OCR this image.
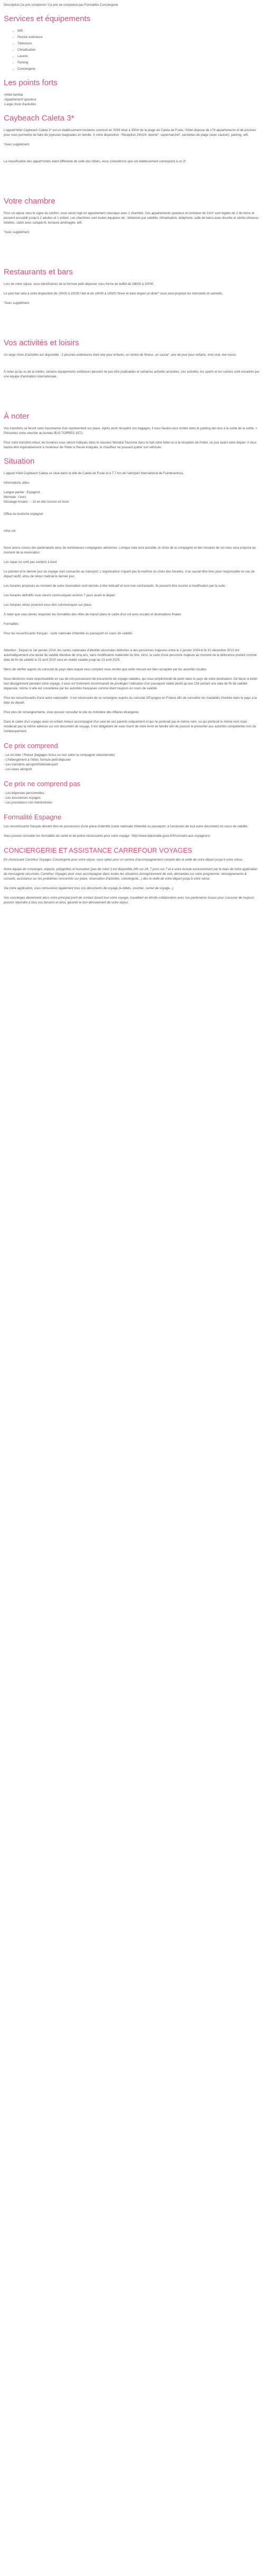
Description Ce prix comprend / Ce prix ne comprend pas Formalités Conciergerie
Services et équipements
• Wifi
• Piscine extérieure
• Télévision
• Climatisation
• Laverie
• Parking
• Conciergerie
Les points forts
-Hôtel familial
-Appartement spacieux
-Large choix d'activités
Caybeach Caleta 3*

L'appart'hôtel Caybeach Caleta 3* est un établissement moderne construit en 2009 situé à 300m de la plage de Caleta de Fuste, l'hôtel dispose de 174 appartements et de piscines pour vous permettre de faire de joyeuses baignades en famille. À votre disposition : Réception 24h/24, laverie*, supermarché*, serviettes de plage (avec caution), parking, wifi.

*Avec supplément

La classification des appart'hotels étant différente de celle des hôtels, nous considérons que cet établissement correspond à un 3*.

Votre chambre

Pour un séjour sous le signe du confort, vous serez logé en appartement classique avec 1 chambre. Ces appartements spacieux et lumineux de 31m² sont logées de 2 lits twins et peuvent accueillir jusqu'à 2 adultes et 1 enfant. Les chambres sont toutes équipées de : télévision par satellite, climatisation, téléphone, salle de bains avec douche et sèche-cheveux, toilettes, salon avec canapé-lit, terrasse aménagée, wifi.

*Avec supplément

Restaurants et bars

Lors de votre séjour, vous bénéficierez de la formule petit déjeuner sous forme de buffet de 08h00 à 10h00.

Le pool bar sera à votre disposition de 10h00 à 22h30 l'été et de 10h00 à 19h00 l'hiver et dans lequel un diner* vous sera proposé les mercredis et samedis.

*Avec supplément

Vos activités et loisirs

Un large choix d'activités est disponible : 2 piscines extérieures dont une pour enfants, un centre de fitness, un sauna*, aire de jeux pour enfants, mini club, live music.

À noter qu'au vu de la météo, certains équipements extérieurs peuvent ne pas être praticables et certaines activités annulées. Les activités, les sports et les soirées sont encadrés par une équipe d'animation internationale.

À noter

Vos transferts se feront sans l'assistance d'un représentant sur place. Après avoir récupéré vos bagages, il vous faudra vous rendre dans le parking des bus à la sortie de la sortie. > Présentez votre voucher au bureau BUS TORRES 1972.

Pour votre transfert retour, les horaires vous seront indiqués dans le classeur Mondial Tourisme dans le hall votre hôtel ou à la réception de l'hôtel, un jour avant votre départ. Il vous faudra être impérativement à l'extérieur de l'hôtel à l'heure indiquée, le chauffeur ne pouvant quitter son véhicule.

Situation

L'appart hôtel Caybeach Caleta se situe dans la ville de Caleta de Fuste et à 7,7 km de l'aéroport international de Fuerteventura.

Informations utiles

Langue parlée : Espagnol
Monnaie : l'euro
Décalage horaire : - 1h en été comme en hiver

Office du tourisme espagnol

Infos vol

Nous avons conclu des partenariats avec de nombreuses compagnies aériennes. Lorsque cela sera possible, le choix de la compagnie et des horaires de vol vous sera proposé au moment de la réservation.

Les repas ne sont pas compris à bord

Le premier et le dernier jour du voyage sont consacrés au transport. L'organisateur n'ayant pas la maîtrise du choix des horaires, il ne saurait être tenu pour responsable en cas de départ tardif, et/ou de retour matinal le dernier jour.

Les horaires proposés au moment de votre réservation sont donnés à titre indicatif et sont non contractuels. Ils peuvent être soumis à modification par la suite.

Les horaires définitifs vous seront communiqués environ 7 jours avant le départ.

Les horaires retour pourront vous être communiqués sur place.

À noter que vous devez respecter les formalités des villes de transit (dans le cadre d'un vol avec escale) et destinations finales

Formalités

Pour les ressortissants français : carte nationale d'identité ou passeport en cours de validité.

Attention : Depuis le 1er janvier 2014, les cartes nationales d'identité sécurisées délivrées à des personnes majeures entre le 2 janvier 2004 et le 31 décembre 2013 ont automatiquement une durée de validité étendue de cinq ans, sans modification matérielle du titre. Ainsi, la carte d'une personne majeure au moment de la délivrance portant comme date de fin de validité le 23 avril 2020 sera en réalité valable jusqu'au 23 avril 2025.

Merci de vérifier auprès du consulat du pays dans lequel vous comptez vous rendre que cette mesure est bien acceptée par les autorités locales.

Nous déclinons toute responsabilité en cas de non-possession de documents de voyage valables, qui vous empêcherait de partir dans le pays de votre destination. De façon à éviter tout désagrément pendant votre voyage, il vous est fortement recommandé de privilégier l'utilisation d'un passeport valide plutôt qu'une CNI portant une date de fin de validité dépassée, même si elle est considérée par les autorités françaises comme étant toujours en cours de validité.

Pour les ressortissants d'une autre nationalité : il est nécessaire de se renseigner auprès du consulat d'Espagne en France afin de connaître les modalités d'entrée dans le pays à la date du départ.

Pour plus de renseignements, vous pouvez consulter le site du ministère des Affaires étrangères

Dans le cadre d'un voyage avec un enfant mineur accompagné d'un seul de ses parents uniquement et qui ne porterait pas le même nom, ou qui porterait le même nom mais résiderait pas la même adresse sur son document de voyage, il est obligatoire de vous munir de votre livret de famille afin de pouvoir le présenter aux autorités compétentes lors de l'embarquement.

Ce prix comprend
- Le vol Aller / Retour (bagages inclus ou non selon la compagnie sélectionnée)
- L'hébergement à l'hôtel, formule petit-déjeuner
- Les transferts aéroport/hôtel/aéroport
- Les taxes aéroport
Ce prix ne comprend pas
- Les dépenses personnelles
- Les assurances voyages
- Les prestations non mentionnées
Formalité Espagne

Les ressortissants français doivent être en possession d'une pièce d'identité (carte nationale d'identité ou passeport, à l'exclusion de tout autre document) en cours de validité.

Vous pouvez consulter les formalités de santé et de police nécessaires pour votre voyage : http://www.diplomatie.gouv.fr/fr/conseils-aux-voyageurs/

CONCIERGERIE ET ASSISTANCE CARREFOUR VOYAGES

En choisissant Carrefour Voyages Conciergerie pour votre séjour, vous optez pour un service d'accompagnement complet dès la veille de votre départ jusqu'à votre retour.

Notre équipe de concierges, experts, polyglottes et humaines (pas de robot !) est disponible 24h sur 24, 7 jours sur 7 et à votre écoute exclusivement par le biais de notre application de messagerie sécurisée, Carrefour Voyages pour vous accompagner dans toutes les situations (enregistrement de vols, demandes sur votre programme, renseignements & conseils, assistance sur les problèmes rencontrés sur place, réservation d'activités, conciergerie...) dès la veille de votre départ jusqu'à votre retour.

Via notre application, vous retrouverez également tous vos documents de voyage (e-billets, voucher, carnet de voyage...)

Vos concierges deviennent alors votre principal point de contact durant tout votre voyage, travaillant en étroite collaboration avec nos partenaires locaux pour s'assurer de toujours pouvoir répondre à tous vos besoins et ainsi, garantir le bon déroulement de votre séjour.
